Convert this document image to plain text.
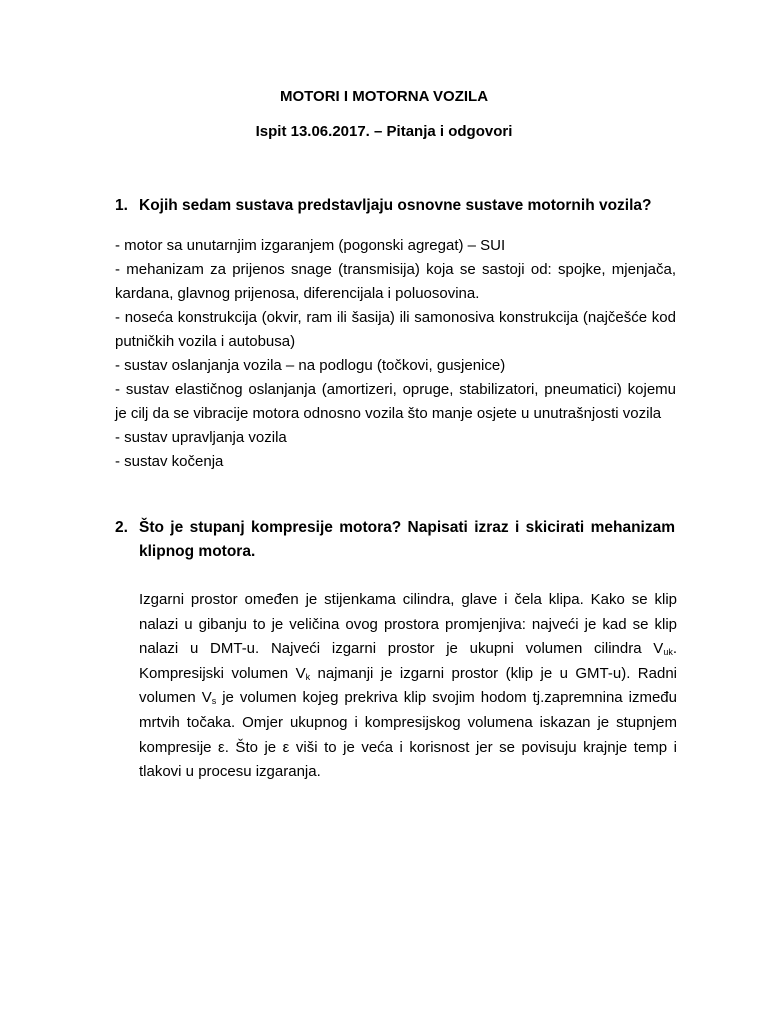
MOTORI I MOTORNA VOZILA
Ispit 13.06.2017. – Pitanja i odgovori
1. Kojih sedam sustava predstavljaju osnovne sustave motornih vozila?
- motor sa unutarnjim izgaranjem (pogonski agregat) – SUI
- mehanizam za prijenos snage (transmisija) koja se sastoji od: spojke, mjenjača, kardana, glavnog prijenosa, diferencijala i poluosovina.
- noseća konstrukcija (okvir, ram ili šasija) ili samonosiva konstrukcija (najčešće kod putničkih vozila i autobusa)
- sustav oslanjanja vozila – na podlogu (točkovi, gusjenice)
- sustav elastičnog oslanjanja (amortizeri, opruge, stabilizatori, pneumatici) kojemu je cilj da se vibracije motora odnosno vozila što manje osjete u unutrašnjosti vozila
- sustav upravljanja vozila
- sustav kočenja
2. Što je stupanj kompresije motora? Napisati izraz i skicirati mehanizam klipnog motora.

Izgarni prostor omeđen je stijenkama cilindra, glave i čela klipa. Kako se klip nalazi u gibanju to je veličina ovog prostora promjenjiva: najveći je kad se klip nalazi u DMT-u. Najveći izgarni prostor je ukupni volumen cilindra $V_{uk}$. Kompresijski volumen $V_k$ najmanji je izgarni prostor (klip je u GMT-u). Radni volumen $V_s$ je volumen kojeg prekriva klip svojim hodom tj.zapremnina između mrtvih točaka. Omjer ukupnog i kompresijskog volumena iskazan je stupnjem kompresije ε. Što je ε viši to je veća i korisnost jer se povisuju krajnje temp i tlakovi u procesu izgaranja.
